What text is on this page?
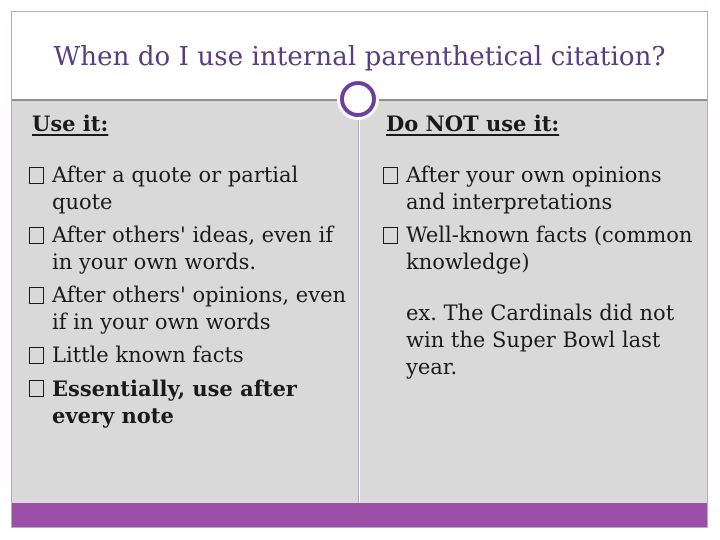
When do I use internal parenthetical citation?
Use it:
After a quote or partial quote
After others' ideas, even if in your own words.
After others' opinions, even if in your own words
Little known facts
Essentially, use after every note
Do NOT use it:
After your own opinions and interpretations
Well-known facts (common knowledge)
ex. The Cardinals did not win the Super Bowl last year.
